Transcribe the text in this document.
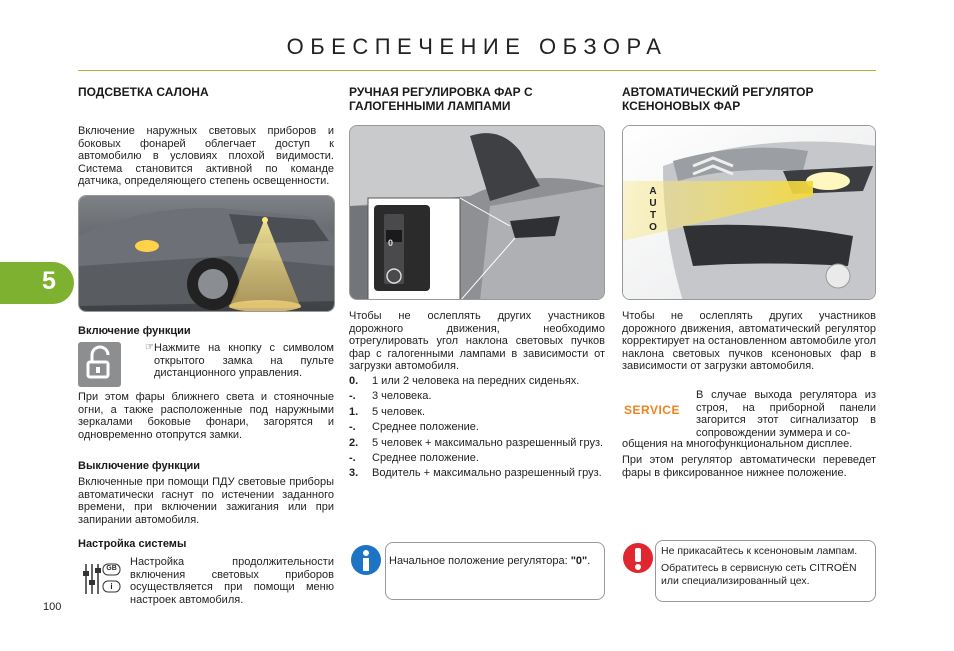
ОБЕСПЕЧЕНИЕ ОБЗОРА
5
ПОДСВЕТКА САЛОНА
Включение наружных световых приборов и боковых фонарей облегчает доступ к автомобилю в условиях плохой видимости. Система становится активной по команде датчика, определяющего степень освещенности.
Включение функции
☞ Нажмите на кнопку с символом открытого замка на пульте дистанционного управления.
При этом фары ближнего света и стояночные огни, а также расположенные под наружными зеркалами боковые фонари, загорятся и одновременно отопрутся замки.
Выключение функции
Включенные при помощи ПДУ световые приборы автоматически гаснут по истечении заданного времени, при включении зажигания или при запирании автомобиля.
Настройка системы
GB
i
Настройка продолжительности включения световых приборов осуществляется при помощи меню настроек автомобиля.
100
РУЧНАЯ РЕГУЛИРОВКА ФАР С ГАЛОГЕННЫМИ ЛАМПАМИ
0
Чтобы не ослеплять других участников дорожного движения, необходимо отрегулировать угол наклона световых пучков фар с галогенными лампами в зависимости от загрузки автомобиля.
0.	1 или 2 человека на передних сиденьях.
-.	3 человека.
1.	5 человек.
-.	Среднее положение.
2.	5 человек + максимально разрешенный груз.
-.	Среднее положение.
3.	Водитель + максимально разрешенный груз.
Начальное положение регулятора: "0".
АВТОМАТИЧЕСКИЙ РЕГУЛЯТОР КСЕНОНОВЫХ ФАР
A
U
T
O
Чтобы не ослеплять других участников дорожного движения, автоматический регулятор корректирует на остановленном автомобиле угол наклона световых пучков ксеноновых фар в зависимости от загрузки автомобиля.
SERVICE
В случае выхода регулятора из строя, на приборной панели загорится этот сигнализатор в сопровождении зуммера и со-
общения на многофункциональном дисплее.
При этом регулятор автоматически переведет фары в фиксированное нижнее положение.
Не прикасайтесь к ксеноновым лампам.
Обратитесь в сервисную сеть CITROËN или специализированный цех.
